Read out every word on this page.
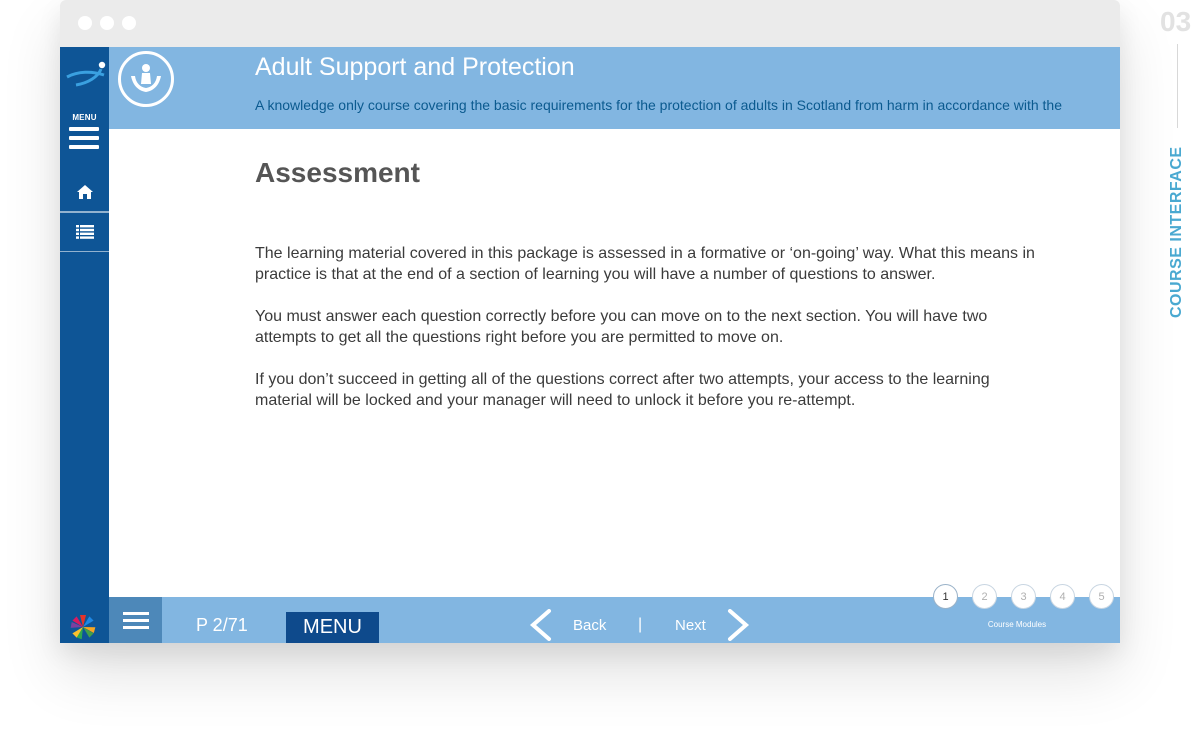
03
COURSE INTERFACE
MENU
Adult Support and Protection
A knowledge only course covering the basic requirements for the protection of adults in Scotland from harm in accordance with the
Assessment

The learning material covered in this package is assessed in a formative or ‘on-going’ way. What this means in practice is that at the end of a section of learning you will have a number of questions to answer.

You must answer each question correctly before you can move on to the next section. You will have two attempts to get all the questions right before you are permitted to move on.

If you don’t succeed in getting all of the questions correct after two attempts, your access to the learning material will be locked and your manager will need to unlock it before you re-attempt.

P 2/71	MENU	Back | Next
1	2	3	4	5
Course Modules
